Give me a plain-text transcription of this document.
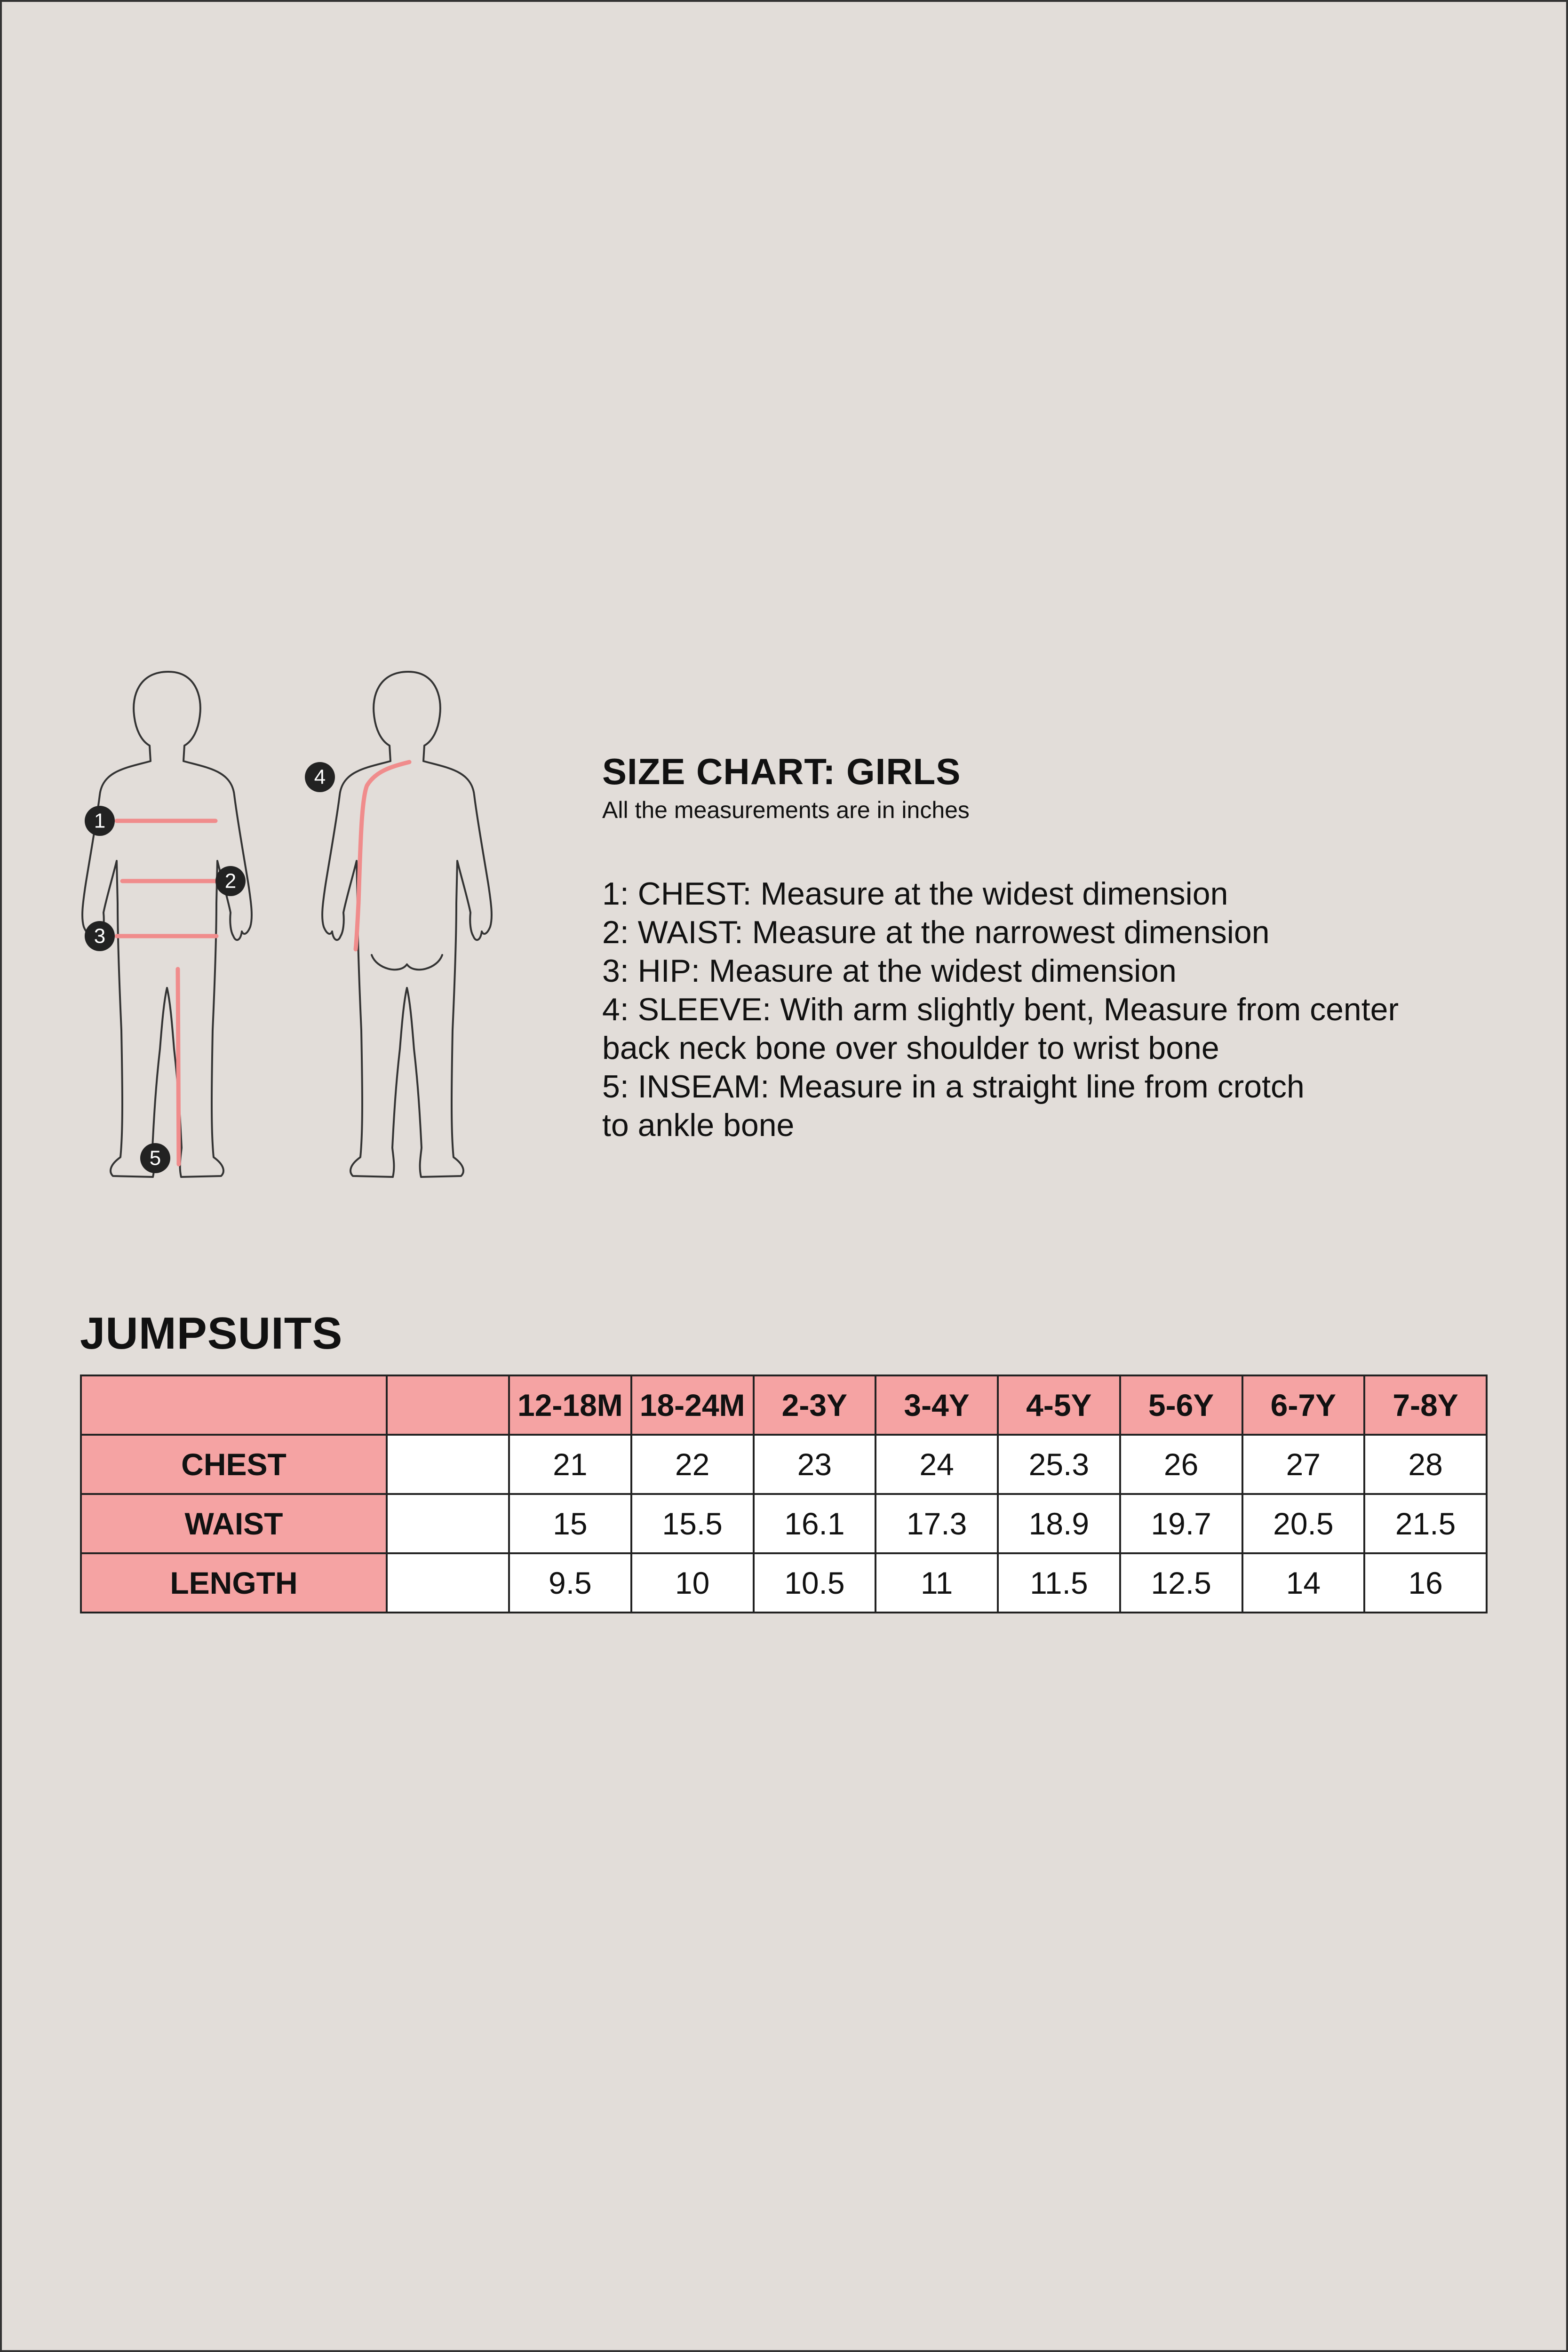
1
2
3
4
5
SIZE CHART: GIRLS

All the measurements are in inches

1: CHEST: Measure at the widest dimension

2: WAIST: Measure at the narrowest dimension

3: HIP: Measure at the widest dimension

4: SLEEVE: With arm slightly bent, Measure from center

back neck bone over shoulder to wrist bone

5: INSEAM: Measure in a straight line from crotch

to ankle bone

JUMPSUITS
		12-18M	18-24M	2-3Y	3-4Y	4-5Y	5-6Y	6-7Y	7-8Y
CHEST		21	22	23	24	25.3	26	27	28
WAIST		15	15.5	16.1	17.3	18.9	19.7	20.5	21.5
LENGTH		9.5	10	10.5	11	11.5	12.5	14	16
